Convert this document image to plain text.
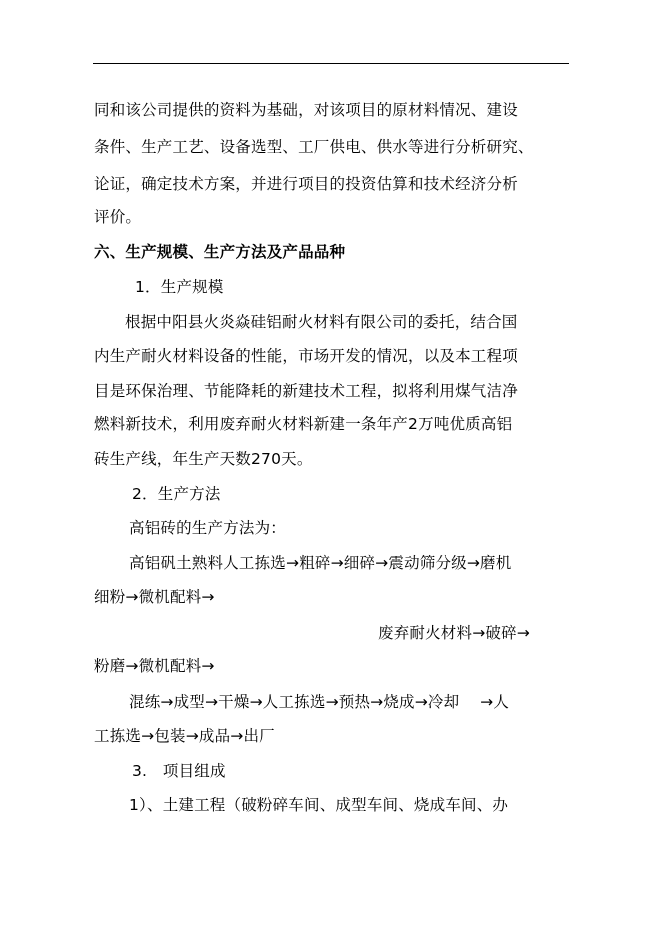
同和该公司提供的资料为基础，对该项目的原材料情况、建设
条件、生产工艺、设备选型、工厂供电、供水等进行分析研究、
论证，确定技术方案，并进行项目的投资估算和技术经济分析
评价。
六、生产规模、生产方法及产品品种
1．生产规模
根据中阳县火炎焱硅铝耐火材料有限公司的委托，结合国
内生产耐火材料设备的性能，市场开发的情况，以及本工程项
目是环保治理、节能降耗的新建技术工程，拟将利用煤气洁净
燃料新技术，利用废弃耐火材料新建一条年产2万吨优质高铝
砖生产线，年生产天数270天。
2．生产方法
高铝砖的生产方法为：
高铝矾土熟料人工拣选→粗碎→细碎→震动筛分级→磨机
细粉→微机配料→
废弃耐火材料→破碎→
粉磨→微机配料→
混练→成型→干燥→人工拣选→预热→烧成→冷却　 →人
工拣选→包装→成品→出厂
3.　项目组成
1）、土建工程（破粉碎车间、成型车间、烧成车间、办
